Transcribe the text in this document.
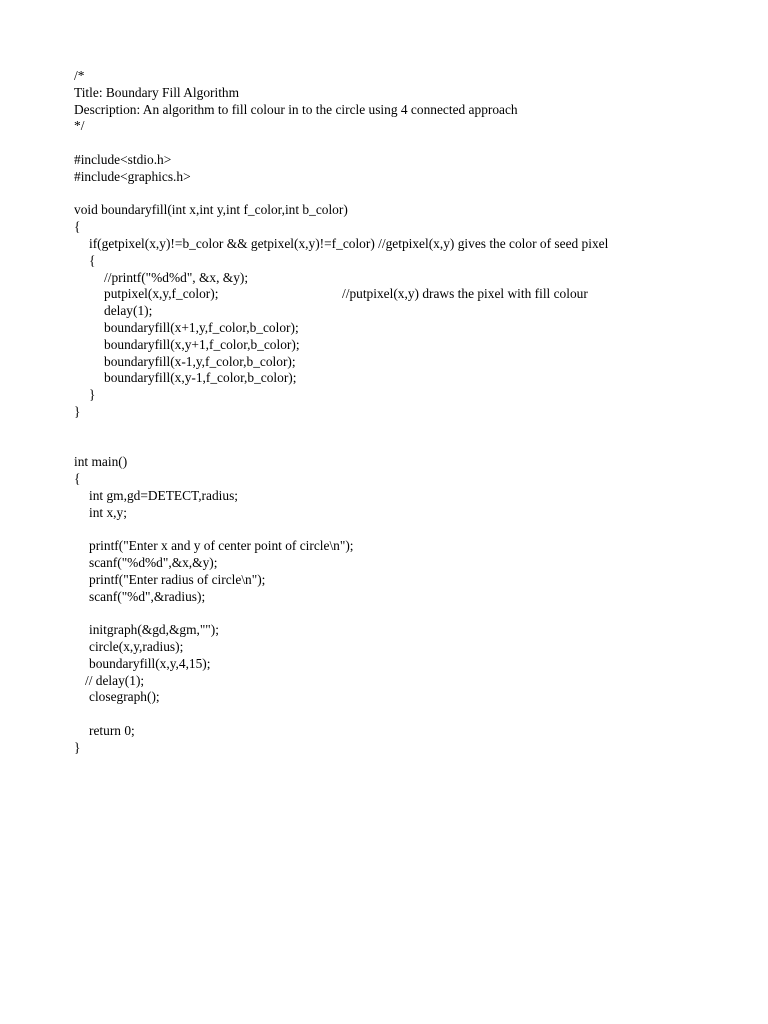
/*
Title: Boundary Fill Algorithm
Description: An algorithm to fill colour in to the circle using 4 connected approach
*/
#include<stdio.h>
#include<graphics.h>
void boundaryfill(int x,int y,int f_color,int b_color)
{
if(getpixel(x,y)!=b_color && getpixel(x,y)!=f_color) //getpixel(x,y) gives the color of seed pixel
{
//printf("%d%d", &x, &y);
putpixel(x,y,f_color);	//putpixel(x,y) draws the pixel with fill colour
delay(1);
boundaryfill(x+1,y,f_color,b_color);
boundaryfill(x,y+1,f_color,b_color);
boundaryfill(x-1,y,f_color,b_color);
boundaryfill(x,y-1,f_color,b_color);
}
}
int main()
{
int gm,gd=DETECT,radius;
int x,y;
printf("Enter x and y of center point of circle\n");
scanf("%d%d",&x,&y);
printf("Enter radius of circle\n");
scanf("%d",&radius);
initgraph(&gd,&gm,"");
circle(x,y,radius);
boundaryfill(x,y,4,15);
// delay(1);
closegraph();
return 0;
}
